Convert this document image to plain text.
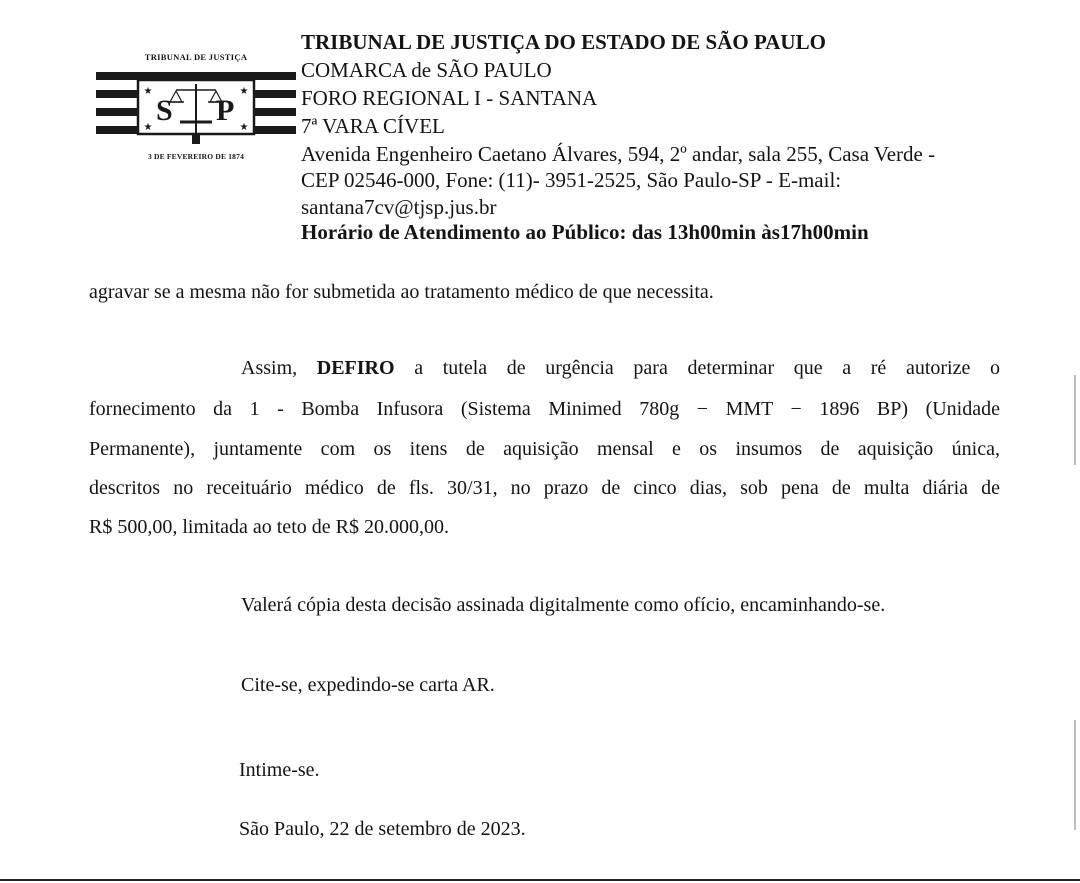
TRIBUNAL DE JUSTIÇA
★	★
★	★
S P
3 DE FEVEREIRO DE 1874
TRIBUNAL DE JUSTIÇA DO ESTADO DE SÃO PAULO
COMARCA de SÃO PAULO
FORO REGIONAL I - SANTANA
7ª VARA CÍVEL
Avenida Engenheiro Caetano Álvares, 594, 2º andar, sala 255, Casa Verde -
CEP 02546-000, Fone: (11)- 3951-2525, São Paulo-SP - E-mail:
santana7cv@tjsp.jus.br
Horário de Atendimento ao Público: das 13h00min às17h00min
agravar se a mesma não for submetida ao tratamento médico de que necessita.
Assim, DEFIRO a tutela de urgência para determinar que a ré autorize o
fornecimento da 1 - Bomba Infusora (Sistema Minimed 780g − MMT − 1896 BP) (Unidade
Permanente), juntamente com os itens de aquisição mensal e os insumos de aquisição única,
descritos no receituário médico de fls. 30/31, no prazo de cinco dias, sob pena de multa diária de
R$ 500,00, limitada ao teto de R$ 20.000,00.
Valerá cópia desta decisão assinada digitalmente como ofício, encaminhando-se.
Cite-se, expedindo-se carta AR.
Intime-se.
São Paulo, 22 de setembro de 2023.
